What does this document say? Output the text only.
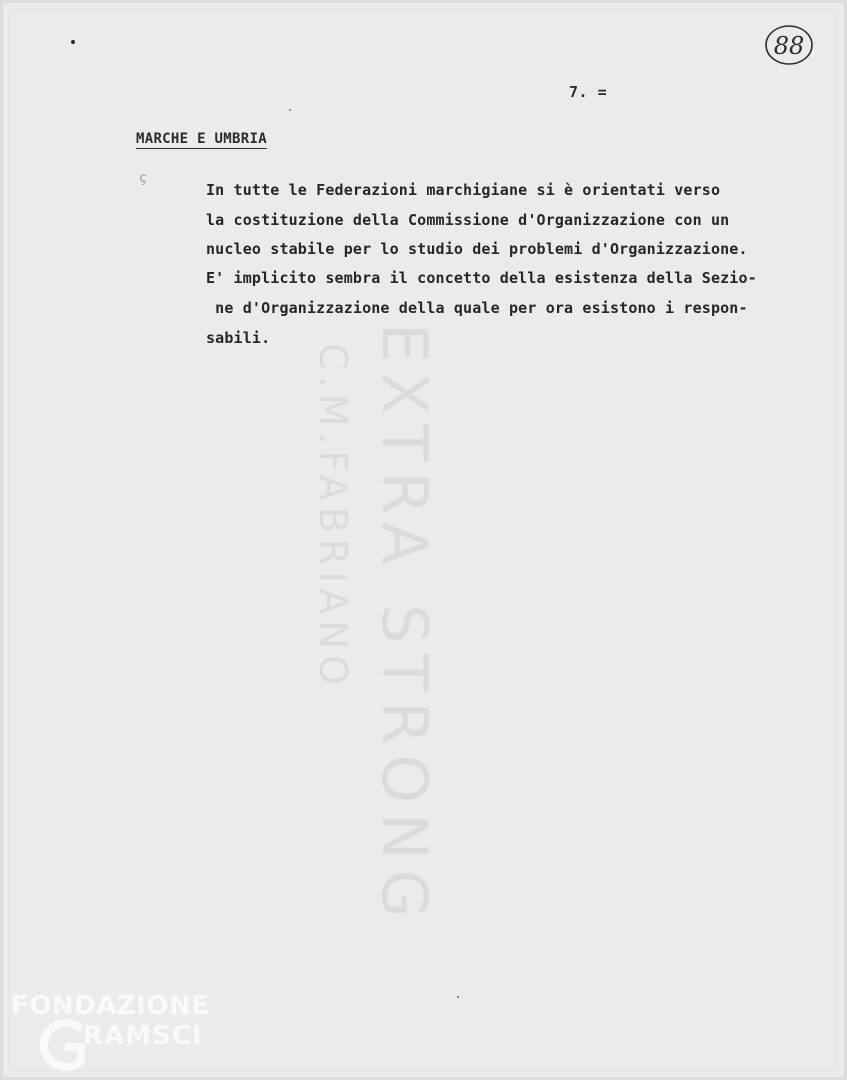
88
7. =
MARCHE E UMBRIA
ç
EXTRA STRONG
C.M.FABRIANO
In tutte le Federazioni marchigiane si è orientati verso
la costituzione della Commissione d'Organizzazione con un
nucleo stabile per lo studio dei problemi d'Organizzazione.
E' implicito sembra il concetto della esistenza della Sezio-
ne d'Organizzazione della quale per ora esistono i respon-
sabili.
FONDAZIONE
RAMSCI
